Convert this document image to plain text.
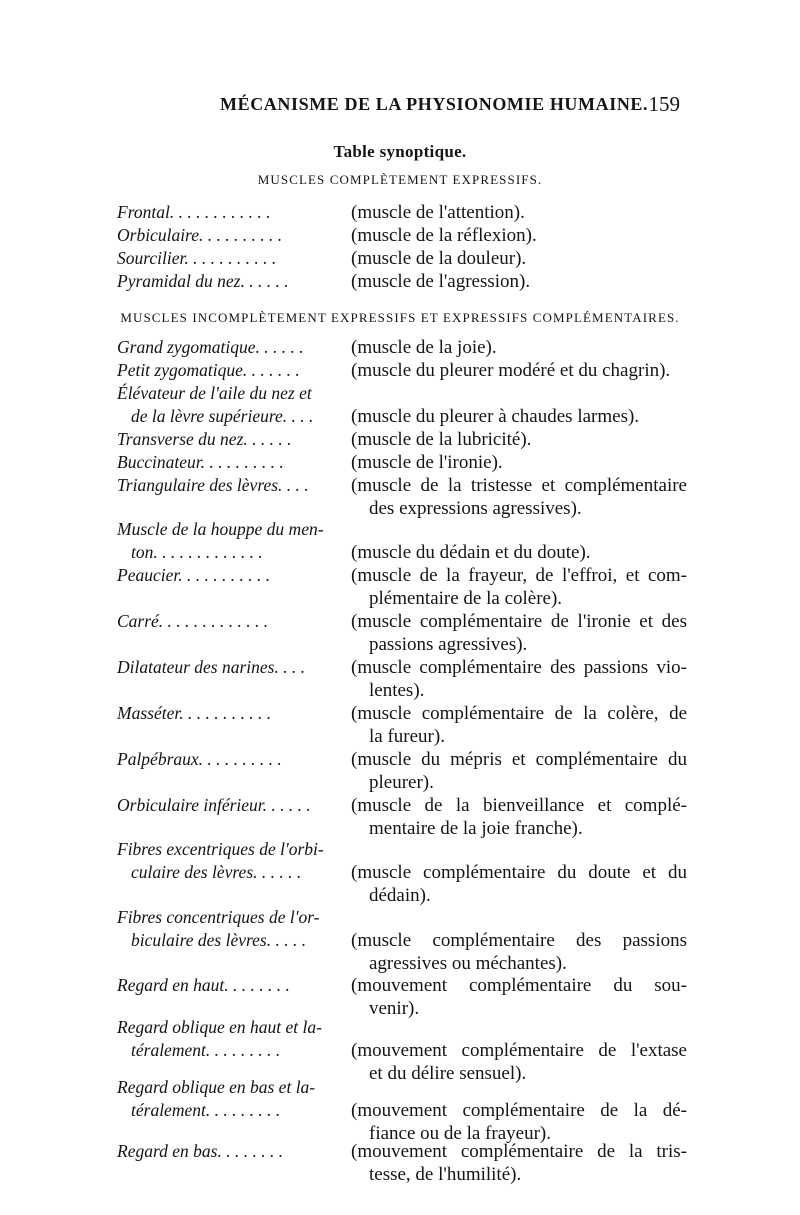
MÉCANISME DE LA PHYSIONOMIE HUMAINE. 159
Table synoptique.
MUSCLES COMPLÈTEMENT EXPRESSIFS.
MUSCLES INCOMPLÈTEMENT EXPRESSIFS ET EXPRESSIFS COMPLÉMENTAIRES.
Frontal. . . . . . . . . . . .	(muscle de l'attention).
Orbiculaire. . . . . . . . . .	(muscle de la réflexion).
Sourcilier. . . . . . . . . . .	(muscle de la douleur).
Pyramidal du nez. . . . . .	(muscle de l'agression).
Grand zygomatique. . . . . .	(muscle de la joie).
Petit zygomatique. . . . . . .	(muscle du pleurer modéré et du chagrin).
Élévateur de l'aile du nez et
de la lèvre supérieure. . . .	(muscle du pleurer à chaudes larmes).
Transverse du nez. . . . . .	(muscle de la lubricité).
Buccinateur. . . . . . . . . .	(muscle de l'ironie).
Triangulaire des lèvres. . . .	(muscle de la tristesse et complémentaire
des expressions agressives).
Muscle de la houppe du men-
ton. . . . . . . . . . . . .	(muscle du dédain et du doute).
Peaucier. . . . . . . . . . .	(muscle de la frayeur, de l'effroi, et com-
plémentaire de la colère).
Carré. . . . . . . . . . . . .	(muscle complémentaire de l'ironie et des
passions agressives).
Dilatateur des narines. . . .	(muscle complémentaire des passions vio-
lentes).
Masséter. . . . . . . . . . .	(muscle complémentaire de la colère, de
la fureur).
Palpébraux. . . . . . . . . .	(muscle du mépris et complémentaire du
pleurer).
Orbiculaire inférieur. . . . . .	(muscle de la bienveillance et complé-
mentaire de la joie franche).
Fibres excentriques de l'orbi-
culaire des lèvres. . . . . .	(muscle complémentaire du doute et du
dédain).
Fibres concentriques de l'or-
biculaire des lèvres. . . . .	(muscle complémentaire des passions
agressives ou méchantes).
Regard en haut. . . . . . . .	(mouvement complémentaire du sou-
venir).
Regard oblique en haut et la-
téralement. . . . . . . . .	(mouvement complémentaire de l'extase
et du délire sensuel).
Regard oblique en bas et la-
téralement. . . . . . . . .	(mouvement complémentaire de la dé-
fiance ou de la frayeur).
Regard en bas. . . . . . . .	(mouvement complémentaire de la tris-
tesse, de l'humilité).
